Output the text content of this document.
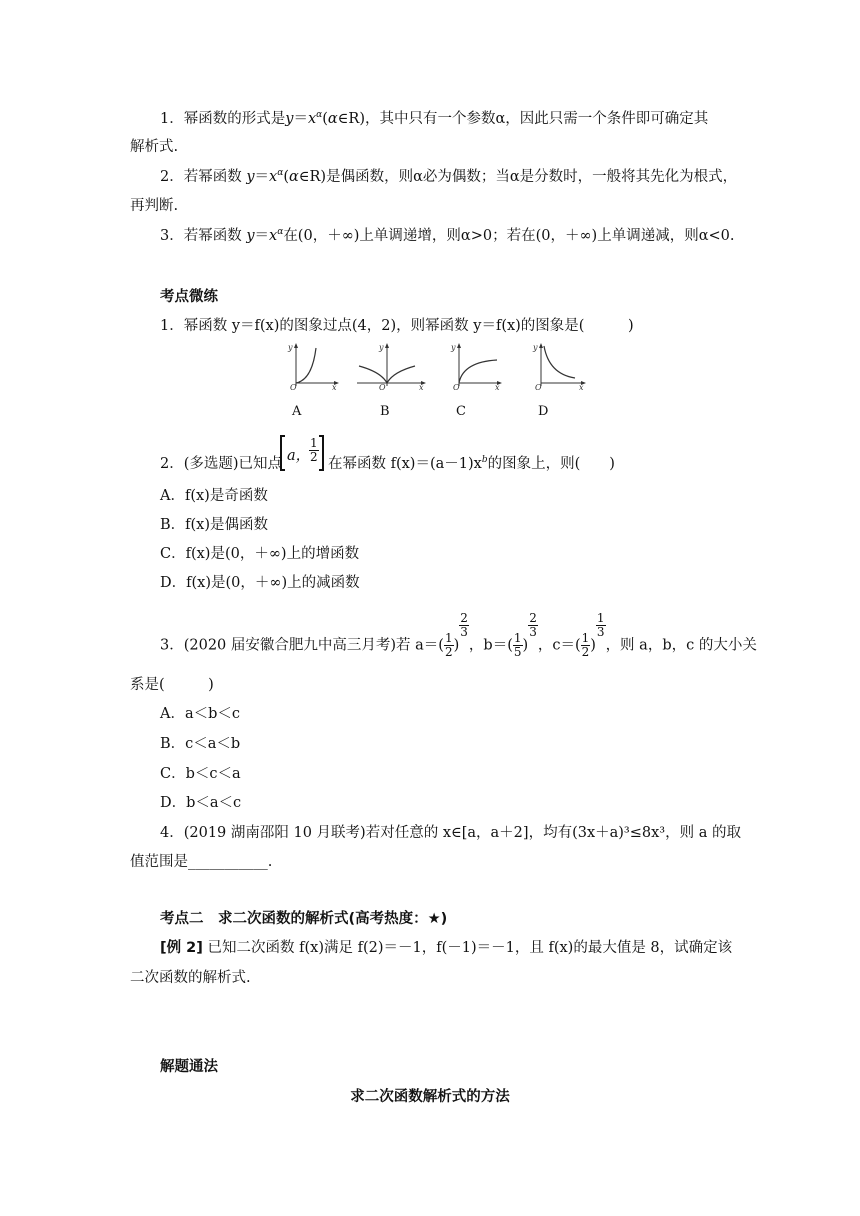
1．幂函数的形式是$y=x^\alpha(\alpha\in R)$，其中只有一个参数α，因此只需一个条件即可确定其
解析式.
2．若幂函数 $y=x^\alpha(\alpha\in R)$是偶函数，则α必为偶数；当α是分数时，一般将其先化为根式，
再判断.
3．若幂函数 $y=x^\alpha$在(0，＋∞)上单调递增，则α>0；若在(0，＋∞)上单调递减，则α<0.
考点微练
1．幂函数 y＝f(x)的图象过点(4，2)，则幂函数 y＝f(x)的图象是(　　　)
y
O	x
y
O	x
y
O	x
y
O	x
A	B	C	D
2．(多选题)已知点 a，
$\frac{1}{2}$ 在幂函数 $f(x)=(a-1)x^b$的图象上，则(　　)
A．f(x)是奇函数
B．f(x)是偶函数
C．f(x)是(0，＋∞)上的增函数
D．f(x)是(0，＋∞)上的减函数
3．(2020 届安徽合肥九中高三月考)若 $a=( \frac{1}{2}$ )
$\frac{2}{3}$
，$b=( \frac{1}{5}$ )
$\frac{2}{3}$
，$c=( \frac{1}{2}$ )
$\frac{1}{3}$
，则 a，b，c 的大小关
系是(　　　)
A．a＜b＜c
B．c＜a＜b
C．b＜c＜a
D．b＜a＜c
4．(2019 湖南邵阳 10 月联考)若对任意的 x∈[a，a＋2]，均有(3x＋a)³≤8x³，则 a 的取
值范围是___________.
考点二　求二次函数的解析式(高考热度：★)
[例 2] 已知二次函数 f(x)满足 f(2)＝－1，f(－1)＝－1，且 f(x)的最大值是 8，试确定该
二次函数的解析式.
解题通法
求二次函数解析式的方法
